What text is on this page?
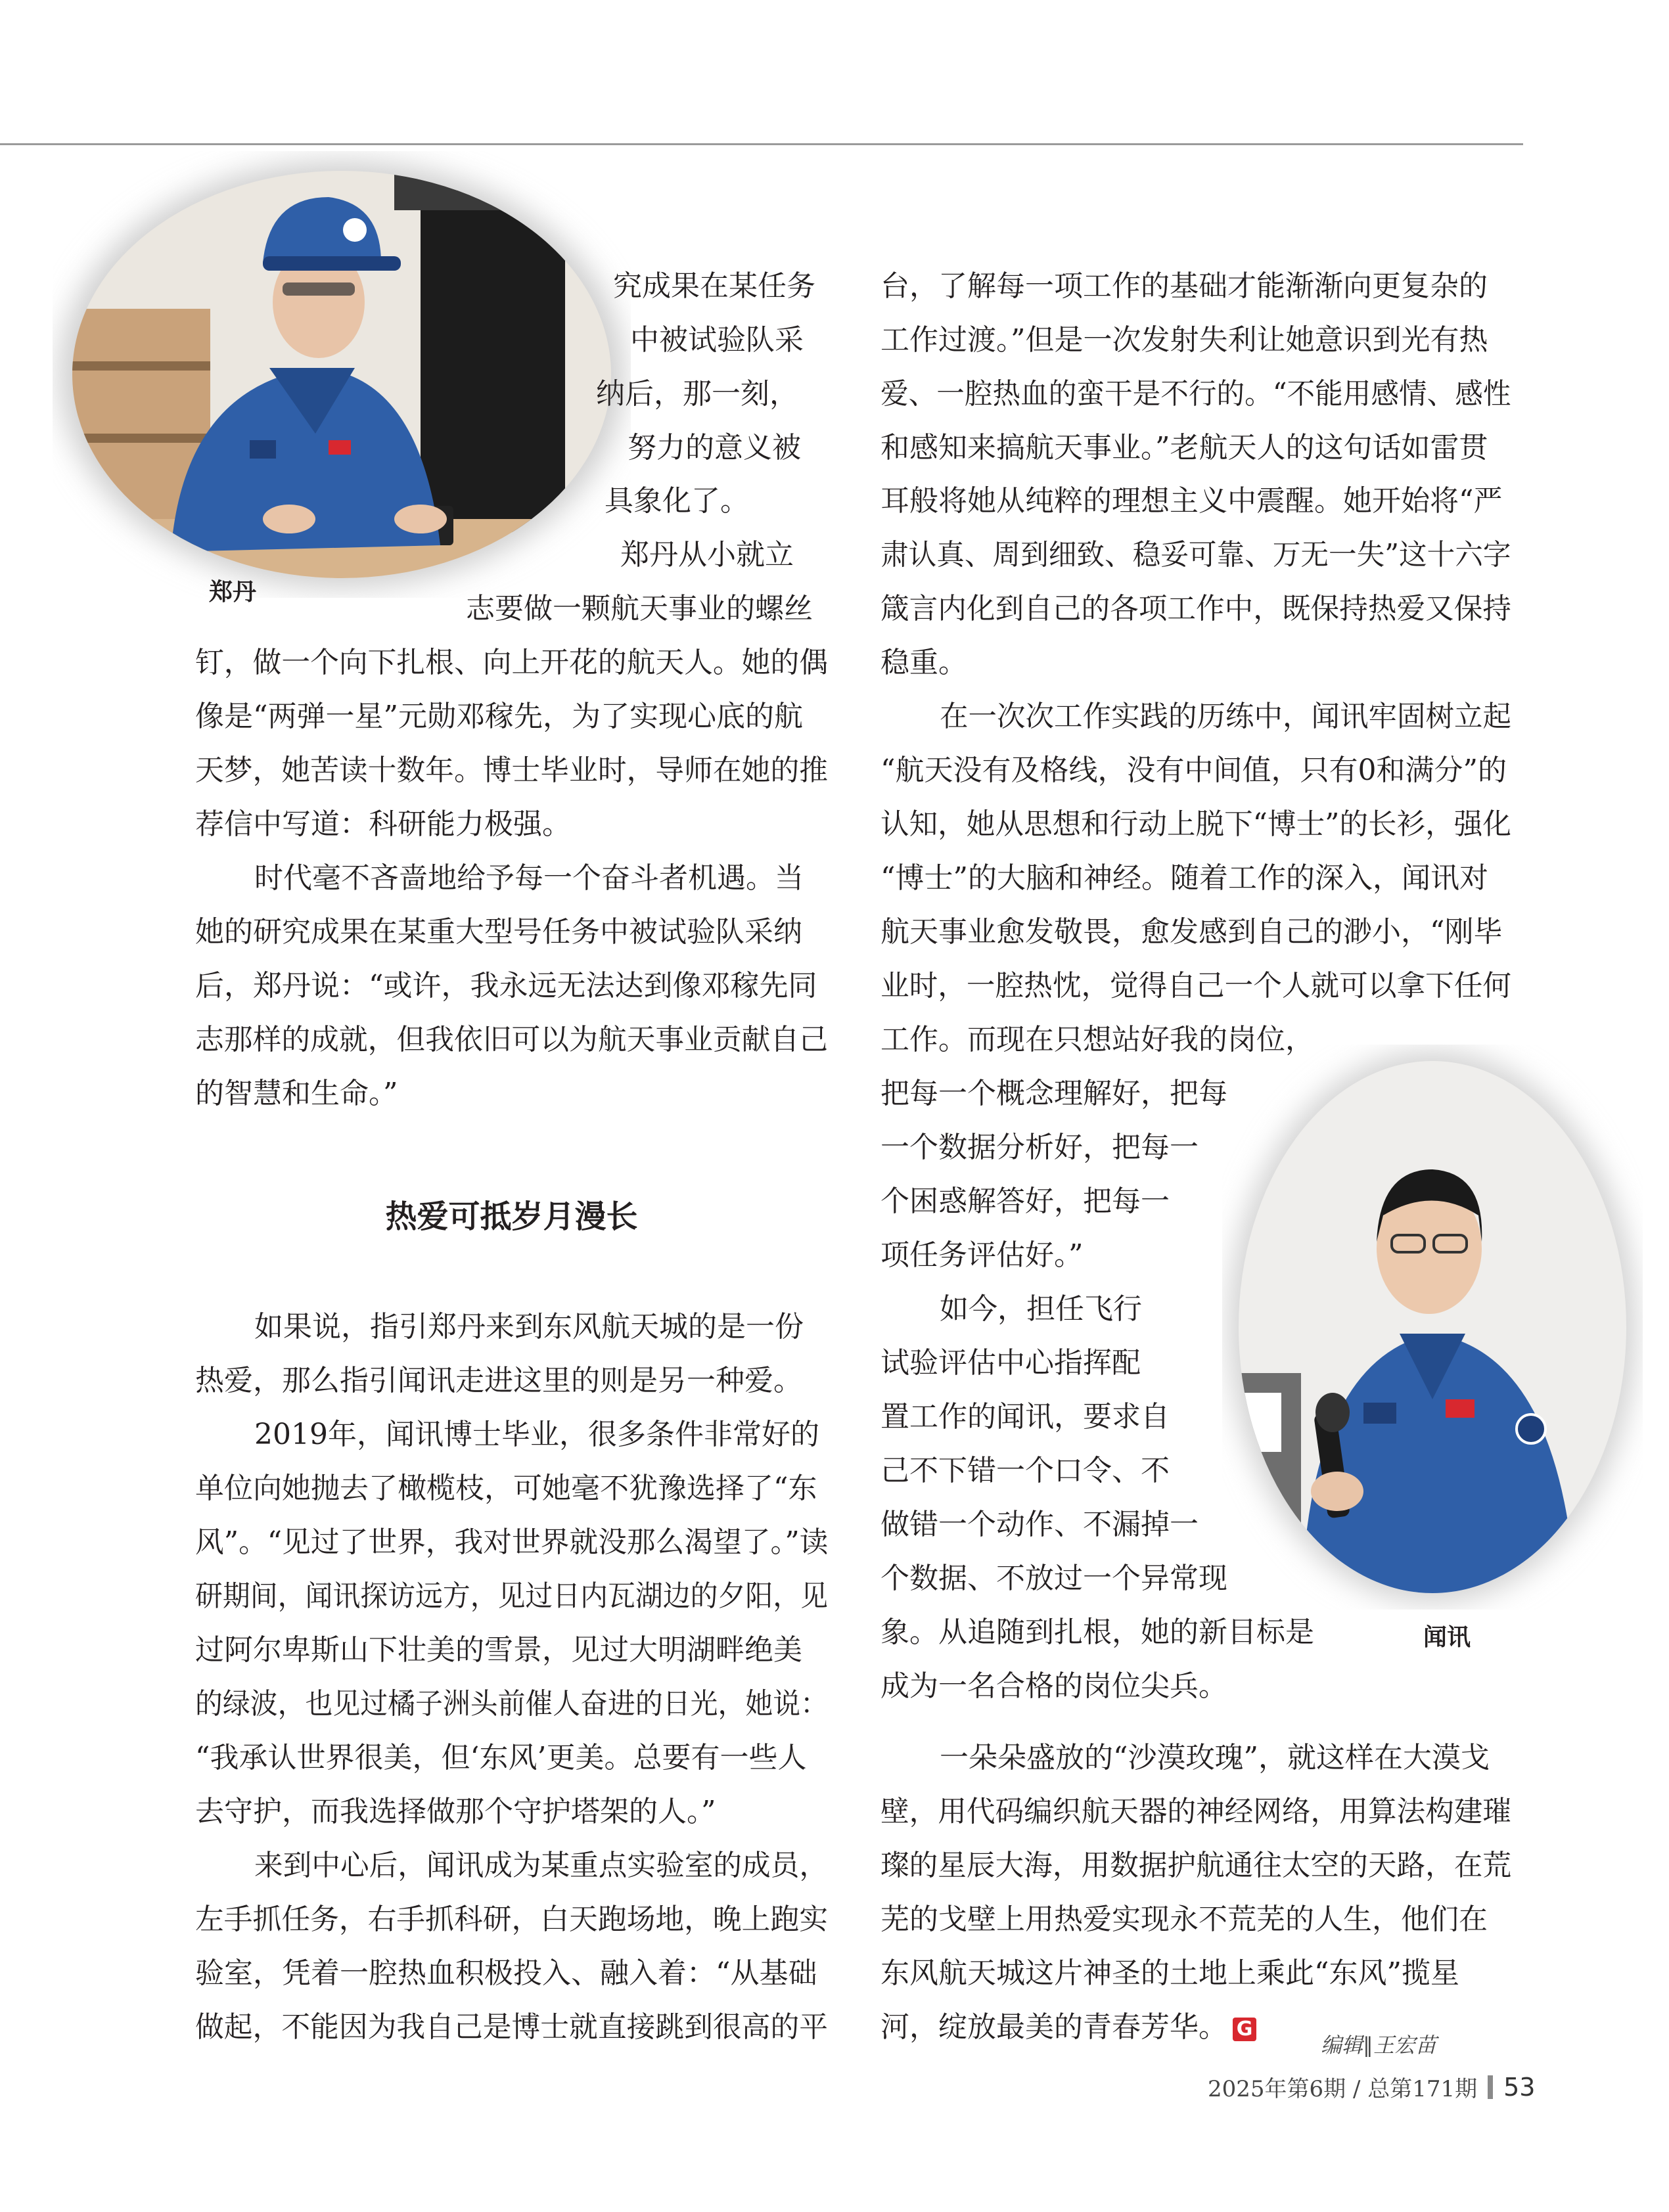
郑丹
闻讯
究成果在某任务
中被试验队采
纳后，那一刻，
努力的意义被
具象化了。
郑丹从小就立
志要做一颗航天事业的螺丝
钉，做一个向下扎根、向上开花的航天人。她的偶
像是“两弹一星”元勋邓稼先，为了实现心底的航
天梦，她苦读十数年。博士毕业时，导师在她的推
荐信中写道：科研能力极强。
时代毫不吝啬地给予每一个奋斗者机遇。当
她的研究成果在某重大型号任务中被试验队采纳
后，郑丹说：“或许，我永远无法达到像邓稼先同
志那样的成就，但我依旧可以为航天事业贡献自己
的智慧和生命。”
热爱可抵岁月漫长
如果说，指引郑丹来到东风航天城的是一份
热爱，那么指引闻讯走进这里的则是另一种爱。
2019年，闻讯博士毕业，很多条件非常好的
单位向她抛去了橄榄枝，可她毫不犹豫选择了“东
风”。“见过了世界，我对世界就没那么渴望了。”读
研期间，闻讯探访远方，见过日内瓦湖边的夕阳，见
过阿尔卑斯山下壮美的雪景，见过大明湖畔绝美
的绿波，也见过橘子洲头前催人奋进的日光，她说：
“我承认世界很美，但‘东风’更美。总要有一些人
去守护，而我选择做那个守护塔架的人。”
来到中心后，闻讯成为某重点实验室的成员，
左手抓任务，右手抓科研，白天跑场地，晚上跑实
验室，凭着一腔热血积极投入、融入着：“从基础
做起，不能因为我自己是博士就直接跳到很高的平
台，了解每一项工作的基础才能渐渐向更复杂的
工作过渡。”但是一次发射失利让她意识到光有热
爱、一腔热血的蛮干是不行的。“不能用感情、感性
和感知来搞航天事业。”老航天人的这句话如雷贯
耳般将她从纯粹的理想主义中震醒。她开始将“严
肃认真、周到细致、稳妥可靠、万无一失”这十六字
箴言内化到自己的各项工作中，既保持热爱又保持
稳重。
在一次次工作实践的历练中，闻讯牢固树立起
“航天没有及格线，没有中间值，只有0和满分”的
认知，她从思想和行动上脱下“博士”的长衫，强化
“博士”的大脑和神经。随着工作的深入，闻讯对
航天事业愈发敬畏，愈发感到自己的渺小，“刚毕
业时，一腔热忱，觉得自己一个人就可以拿下任何
工作。而现在只想站好我的岗位，
把每一个概念理解好，把每
一个数据分析好，把每一
个困惑解答好，把每一
项任务评估好。”
如今，担任飞行
试验评估中心指挥配
置工作的闻讯，要求自
己不下错一个口令、不
做错一个动作、不漏掉一
个数据、不放过一个异常现
象。从追随到扎根，她的新目标是
成为一名合格的岗位尖兵。
一朵朵盛放的“沙漠玫瑰”，就这样在大漠戈
壁，用代码编织航天器的神经网络，用算法构建璀
璨的星辰大海，用数据护航通往太空的天路，在荒
芜的戈壁上用热爱实现永不荒芜的人生，他们在
东风航天城这片神圣的土地上乘此“东风”揽星
河，绽放最美的青春芳华。 G
编辑∥王宏苗
2025年第6期 / 总第171期 53
